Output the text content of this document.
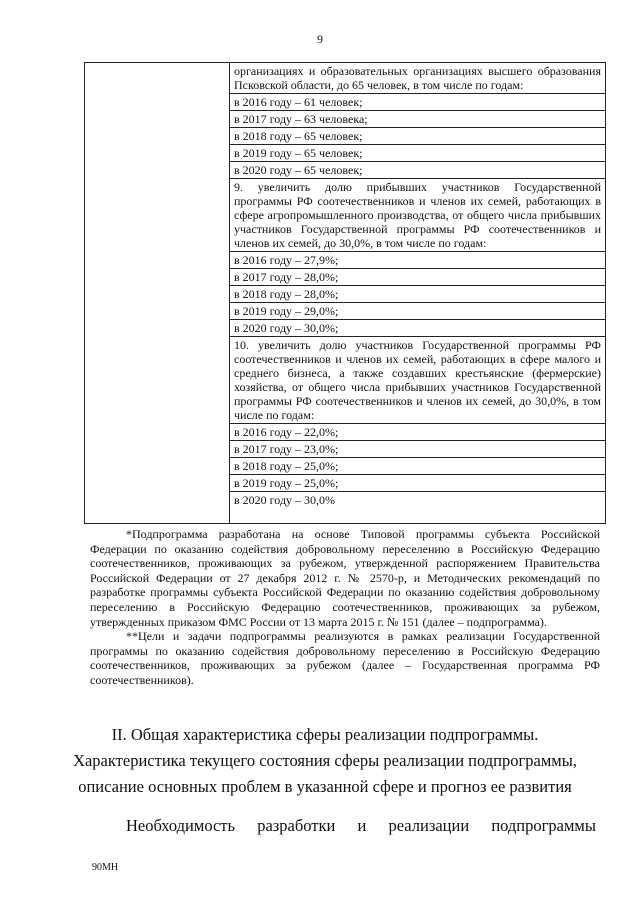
9
организациях и образовательных организациях высшего образования Псковской области, до 65 человек, в том числе по годам:
в 2016 году – 61 человек;
в 2017 году – 63 человека;
в 2018 году – 65 человек;
в 2019 году – 65 человек;
в 2020 году – 65 человек;
9. увеличить долю прибывших участников Государственной программы РФ соотечественников и членов их семей, работающих в сфере агропромышленного производства, от общего числа прибывших участников Государственной программы РФ соотечественников и членов их семей, до 30,0%, в том числе по годам:
в 2016 году – 27,9%;
в 2017 году – 28,0%;
в 2018 году – 28,0%;
в 2019 году – 29,0%;
в 2020 году – 30,0%;
10. увеличить долю участников Государственной программы РФ соотечественников и членов их семей, работающих в сфере малого и среднего бизнеса, а также создавших крестьянские (фермерские) хозяйства, от общего числа прибывших участников Государственной программы РФ соотечественников и членов их семей, до 30,0%, в том числе по годам:
в 2016 году – 22,0%;
в 2017 году – 23,0%;
в 2018 году – 25,0%;
в 2019 году – 25,0%;
в 2020 году – 30,0%

*Подпрограмма разработана на основе Типовой программы субъекта Российской Федерации по оказанию содействия добровольному переселению в Российскую Федерацию соотечественников, проживающих за рубежом, утвержденной распоряжением Правительства Российской Федерации от 27 декабря 2012 г. № 2570-р, и Методических рекомендаций по разработке программы субъекта Российской Федерации по оказанию содействия добровольному переселению в Российскую Федерацию соотечественников, проживающих за рубежом, утвержденных приказом ФМС России от 13 марта 2015 г. № 151 (далее – подпрограмма).

**Цели и задачи подпрограммы реализуются в рамках реализации Государственной программы по оказанию содействия добровольному переселению в Российскую Федерацию соотечественников, проживающих за рубежом (далее – Государственная программа РФ соотечественников).

II. Общая характеристика сферы реализации подпрограммы.
Характеристика текущего состояния сферы реализации подпрограммы,
описание основных проблем в указанной сфере и прогноз ее развития
Необходимость разработки и реализации подпрограммы
90МН
